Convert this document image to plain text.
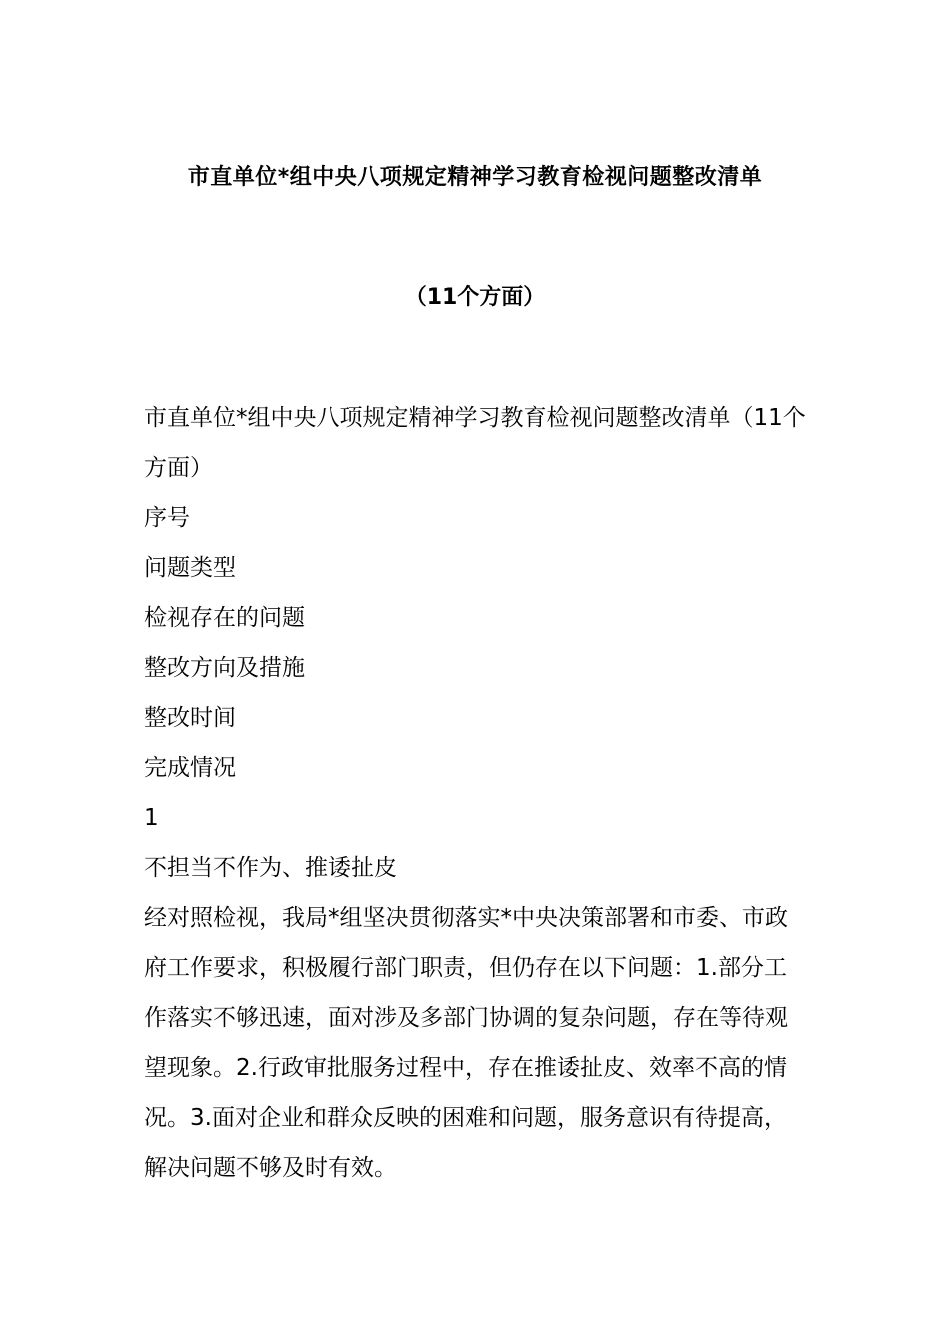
市直单位*组中央八项规定精神学习教育检视问题整改清单
（11个方面）

市直单位*组中央八项规定精神学习教育检视问题整改清单（11个方面）

序号

问题类型

检视存在的问题

整改方向及措施

整改时间

完成情况

1

不担当不作为、推诿扯皮

经对照检视，我局*组坚决贯彻落实*中央决策部署和市委、市政府工作要求，积极履行部门职责，但仍存在以下问题：1.部分工作落实不够迅速，面对涉及多部门协调的复杂问题，存在等待观望现象。2.行政审批服务过程中，存在推诿扯皮、效率不高的情况。3.面对企业和群众反映的困难和问题，服务意识有待提高，解决问题不够及时有效。
